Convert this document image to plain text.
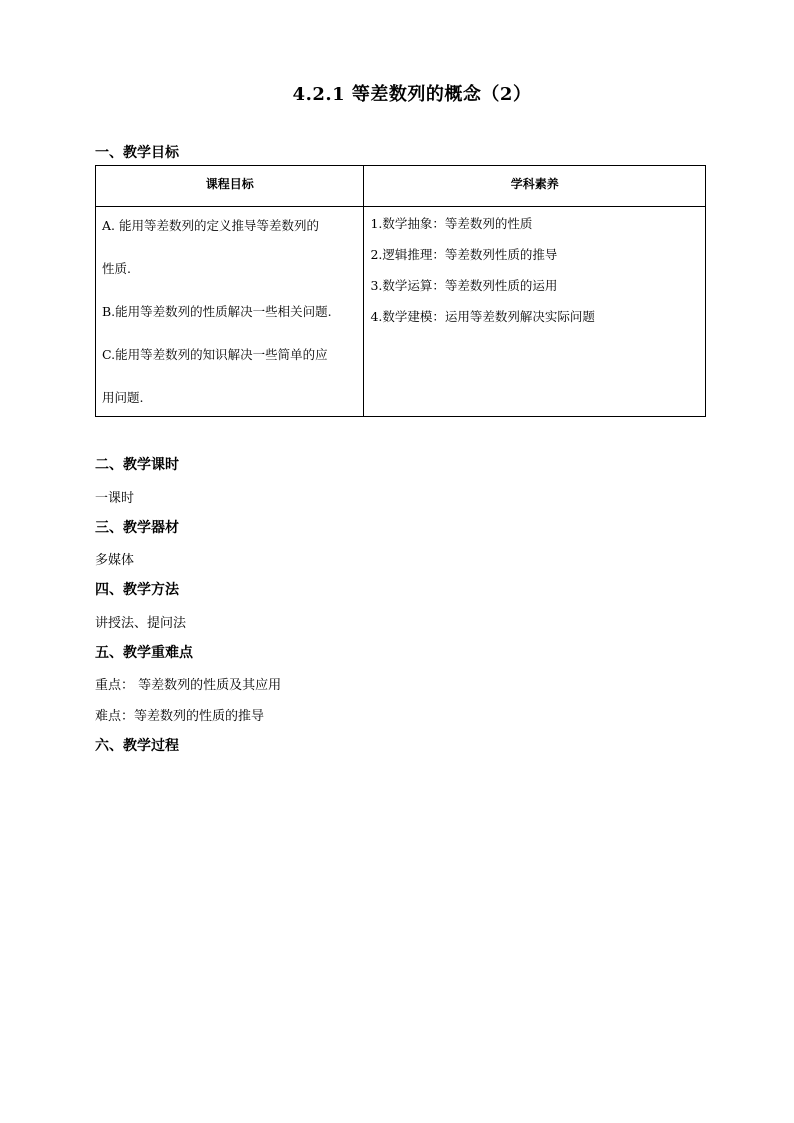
4.2.1 等差数列的概念（2）
一、教学目标
课程目标	学科素养

A. 能用等差数列的定义推导等差数列的
性质.
B.能用等差数列的性质解决一些相关问题.
C.能用等差数列的知识解决一些简单的应
用问题.	1.数学抽象：等差数列的性质
2.逻辑推理：等差数列性质的推导
3.数学运算：等差数列性质的运用
4.数学建模：运用等差数列解决实际问题
二、教学课时
一课时
三、教学器材
多媒体
四、教学方法
讲授法、提问法
五、教学重难点
重点： 等差数列的性质及其应用
难点：等差数列的性质的推导
六、教学过程
